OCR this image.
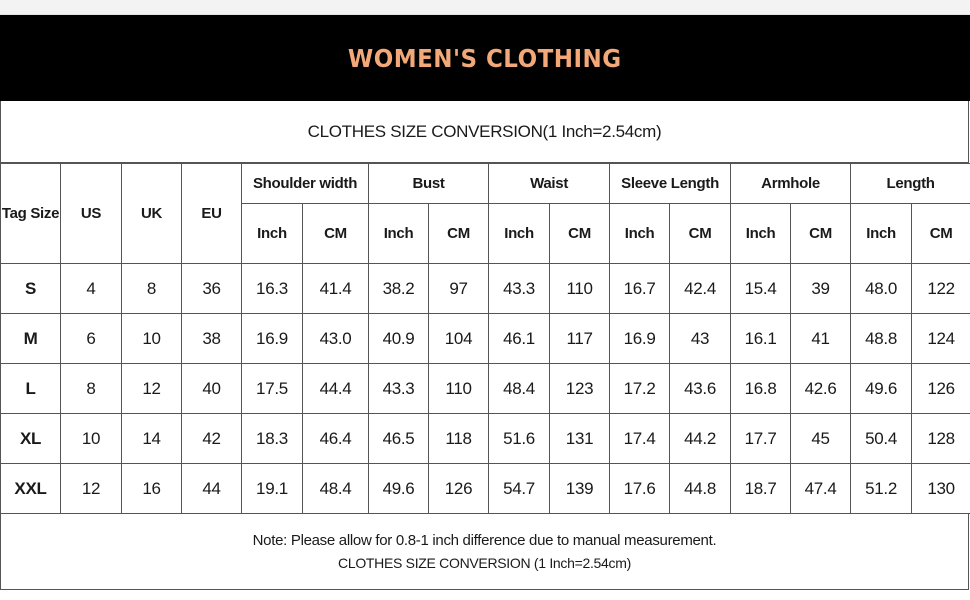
WOMEN'S CLOTHING
CLOTHES SIZE CONVERSION(1 Inch=2.54cm)
Tag Size	US	UK	EU	Shoulder width		Bust		Waist		Sleeve Length		Armhole		Length	
				Inch	CM	Inch	CM	Inch	CM	Inch	CM	Inch	CM	Inch	CM
S	4	8	36	16.3	41.4	38.2	97	43.3	110	16.7	42.4	15.4	39	48.0	122
M	6	10	38	16.9	43.0	40.9	104	46.1	117	16.9	43	16.1	41	48.8	124
L	8	12	40	17.5	44.4	43.3	110	48.4	123	17.2	43.6	16.8	42.6	49.6	126
XL	10	14	42	18.3	46.4	46.5	118	51.6	131	17.4	44.2	17.7	45	50.4	128
XXL	12	16	44	19.1	48.4	49.6	126	54.7	139	17.6	44.8	18.7	47.4	51.2	130
Note: Please allow for 0.8-1 inch difference due to manual measurement.
CLOTHES SIZE CONVERSION (1 Inch=2.54cm)
